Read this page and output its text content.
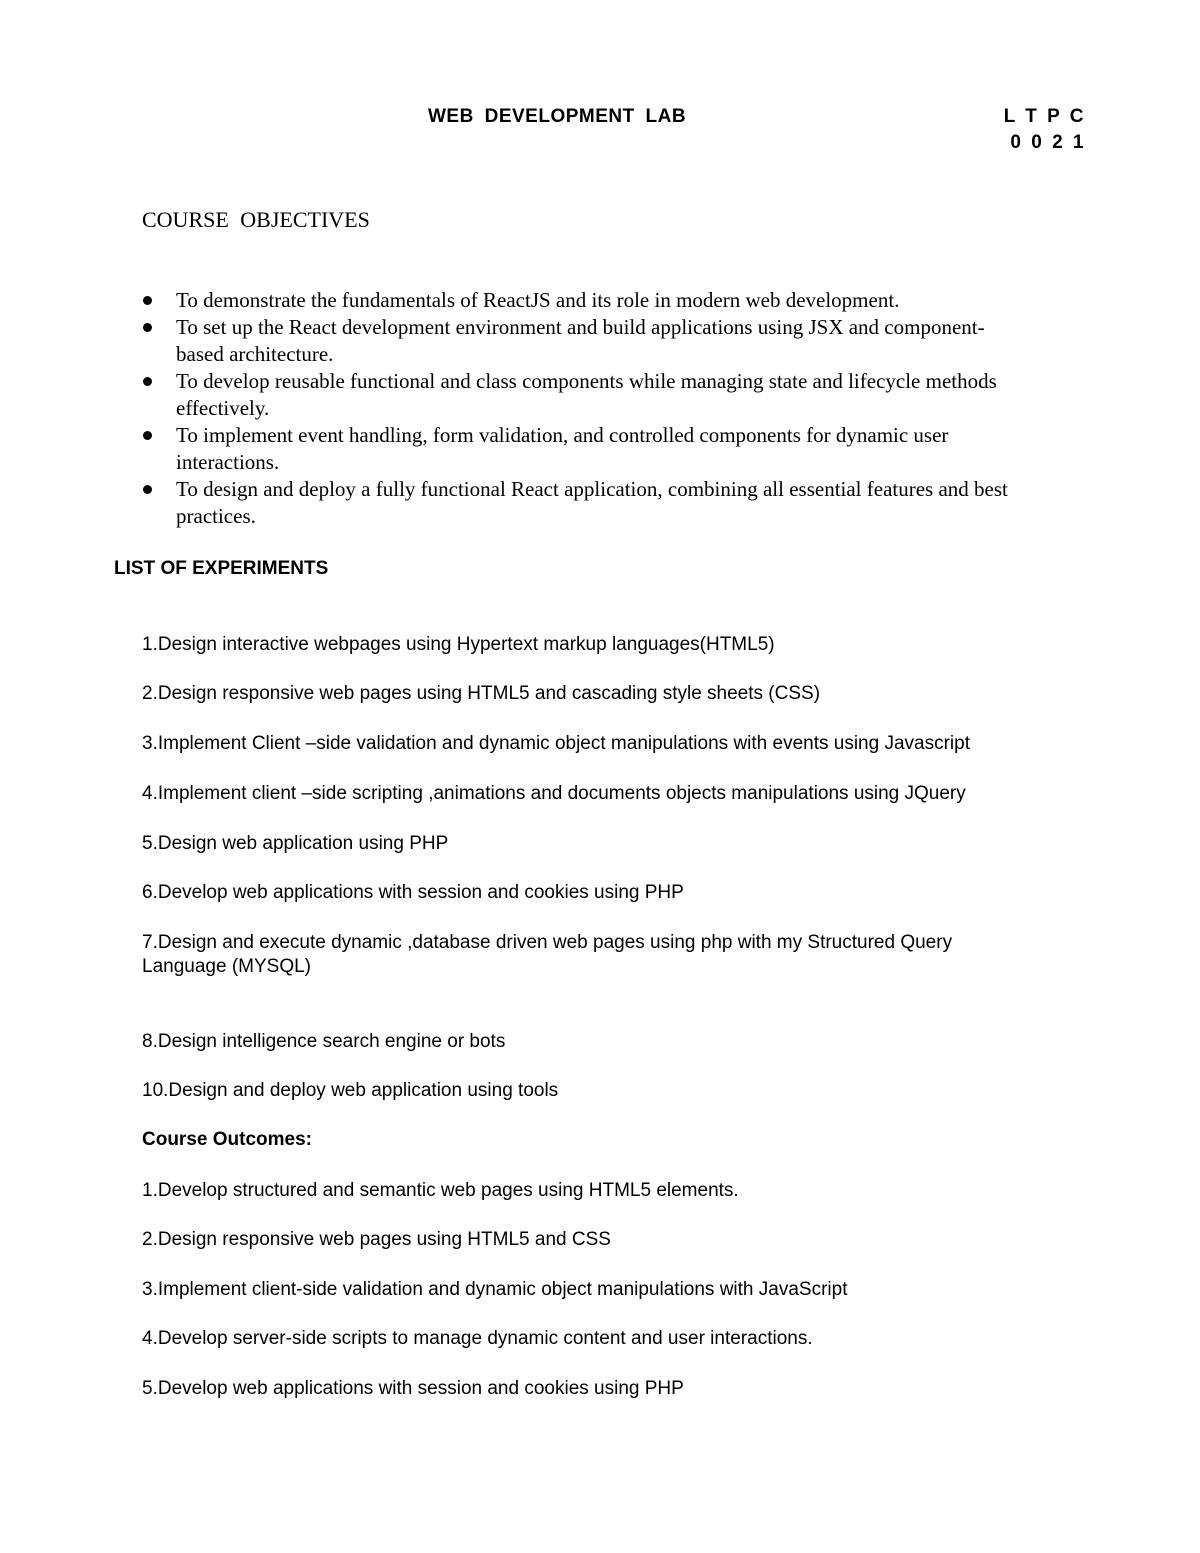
WEB DEVELOPMENT LAB	L T P C
0 0 2 1
COURSE OBJECTIVES
To demonstrate the fundamentals of ReactJS and its role in modern web development.
To set up the React development environment and build applications using JSX and component-
based architecture.
To develop reusable functional and class components while managing state and lifecycle methods
effectively.
To implement event handling, form validation, and controlled components for dynamic user
interactions.
To design and deploy a fully functional React application, combining all essential features and best
practices.
LIST OF EXPERIMENTS
1.Design interactive webpages using Hypertext markup languages(HTML5)
2.Design responsive web pages using HTML5 and cascading style sheets (CSS)
3.Implement Client –side validation and dynamic object manipulations with events using Javascript
4.Implement client –side scripting ,animations and documents objects manipulations using JQuery
5.Design web application using PHP
6.Develop web applications with session and cookies using PHP
7.Design and execute dynamic ,database driven web pages using php with my Structured Query
Language (MYSQL)
8.Design intelligence search engine or bots
10.Design and deploy web application using tools
Course Outcomes:
1.Develop structured and semantic web pages using HTML5 elements.
2.Design responsive web pages using HTML5 and CSS
3.Implement client-side validation and dynamic object manipulations with JavaScript
4.Develop server-side scripts to manage dynamic content and user interactions.
5.Develop web applications with session and cookies using PHP
